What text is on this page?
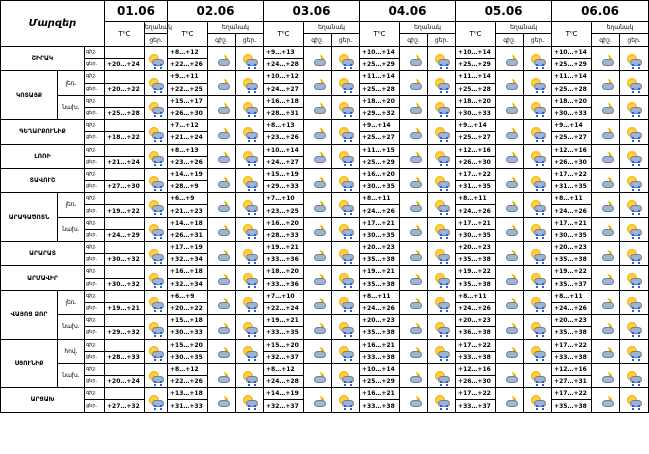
Մարզեր			01.06		02.06			03.06			04.06			05.06			06.06		
			T⁰C	եղանակ	T⁰C	եղանակ		T⁰C	եղանակ		T⁰C	եղանակ		T⁰C	եղանակ		T⁰C	եղանակ	
				ցեր.		գիշ.	ցեր.		գիշ.	ցեր.		գիշ.	ցեր.		գիշ.	ցեր.		գիշ.	ցեր.
ՇԻՐԱԿ		գիշ.			+8…+12			+9…+13			+10…+14			+10…+14			+10…+14	

		ցեր.	+20…+24		+22…+26			+24…+28			+25…+29			+25…+29			+25…+29		
ԿՈՏԱՅՔ	լեռ.	գիշ.			+9…+11			+10…+12			+11…+14			+11…+14			+11…+14	

		ցեր.	+20…+22		+22…+25			+24…+27			+25…+28			+25…+28			+25…+28		
	նախ.	գիշ.			+15…+17			+16…+18			+18…+20			+18…+20			+18…+20	

		ցեր.	+25…+28		+26…+30			+28…+31			+29…+32			+30…+33			+30…+33		
ԳԵՂԱՐՔՈՒՆԻՔ		գիշ.			+7…+12			+8…+13			+9…+14			+9…+14			+9…+14	

		ցեր.	+18…+22		+21…+24			+23…+26			+25…+27			+25…+27			+25…+27		
ԼՈՌԻ		գիշ.			+8…+13			+10…+14			+11…+15			+12…+16			+12…+16	

		ցեր.	+21…+24		+23…+26			+24…+27			+25…+29			+26…+30			+26…+30		
ՏԱՎՈՒՇ		գիշ.			+14…+19			+15…+19			+16…+20			+17…+22			+17…+22	

		ցեր.	+27…+30		+28…+9			+29…+33			+30…+35			+31…+35			+31…+35		
ԱՐԱԳԱԾՈՏՆ	լեռ.	գիշ.			+6…+9			+7…+10			+8…+11			+8…+11			+8…+11	

		ցեր.	+19…+22		+21…+23			+23…+25			+24…+26			+24…+26			+24…+26		
	նախ.	գիշ.			+14…+18			+16…+20			+17…+21			+17…+21			+17…+21	

		ցեր.	+24…+29		+26…+31			+28…+33			+30…+35			+30…+35			+30…+35		
ԱՐԱՐԱՏ		գիշ.			+17…+19			+19…+21			+20…+23			+20…+23			+20…+23	

		ցեր.	+30…+32		+32…+34			+33…+36			+35…+38			+35…+38			+35…+38		
ԱՐՄԱՎԻՐ		գիշ.			+16…+18			+18…+20			+19…+21			+19…+22			+19…+22	

		ցեր.	+30…+32		+32…+34			+33…+36			+35…+38			+35…+38			+35…+37		
ՎԱՅՈՑ ՁՈՐ	լեռ.	գիշ.			+6…+9			+7…+10			+8…+11			+8…+11			+8…+11	

		ցեր.	+19…+21		+20…+22			+22…+24			+24…+26			+24…+26			+24…+26		
	նախ.	գիշ.			+15…+18			+19…+21			+20…+23			+20…+23			+20…+23	

		ցեր.	+29…+32		+30…+33			+33…+35			+35…+38			+36…+38			+35…+38		
ՍՅՈՒՆԻՔ	հով.	գիշ.			+15…+20			+15…+20			+16…+21			+17…+22			+17…+22	

		ցեր.	+28…+33		+30…+35			+32…+37			+33…+38			+33…+38			+33…+38		
	նախ.	գիշ.			+8…+12			+8…+12			+10…+14			+12…+16			+12…+16	

		ցեր.	+20…+24		+22…+26			+24…+28			+25…+29			+26…+30			+27…+31		
ԱՐՑԱԽ		գիշ.			+13…+18			+14…+19			+16…+21			+17…+22			+17…+22	

		ցեր.	+27…+32		+31…+33			+32…+37			+33…+38			+33…+37			+35…+38		
